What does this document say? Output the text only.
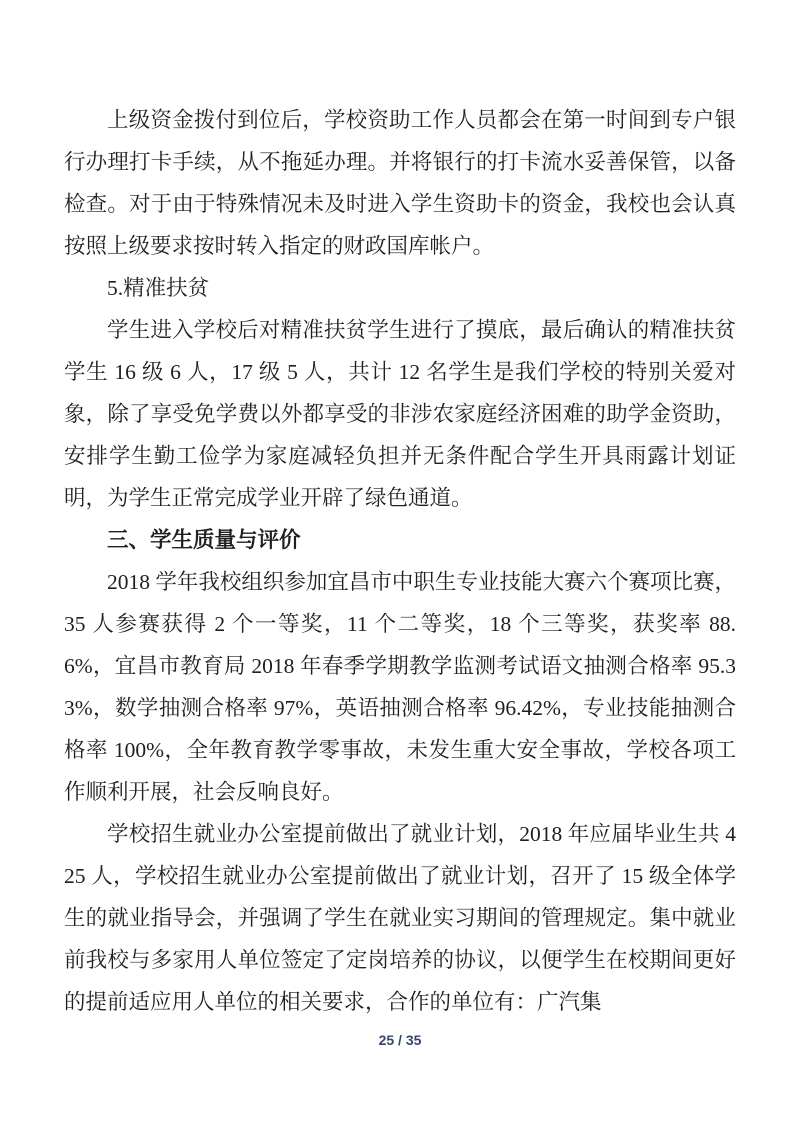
上级资金拨付到位后，学校资助工作人员都会在第一时间到专户银行办理打卡手续，从不拖延办理。并将银行的打卡流水妥善保管，以备检查。对于由于特殊情况未及时进入学生资助卡的资金，我校也会认真按照上级要求按时转入指定的财政国库帐户。

5.精准扶贫

学生进入学校后对精准扶贫学生进行了摸底，最后确认的精准扶贫学生 16 级 6 人，17 级 5 人，共计 12 名学生是我们学校的特别关爱对象，除了享受免学费以外都享受的非涉农家庭经济困难的助学金资助，安排学生勤工俭学为家庭减轻负担并无条件配合学生开具雨露计划证明，为学生正常完成学业开辟了绿色通道。

三、学生质量与评价

2018 学年我校组织参加宜昌市中职生专业技能大赛六个赛项比赛，35 人参赛获得 2 个一等奖，11 个二等奖，18 个三等奖，获奖率 88.6%，宜昌市教育局 2018 年春季学期教学监测考试语文抽测合格率 95.33%，数学抽测合格率 97%，英语抽测合格率 96.42%，专业技能抽测合格率 100%，全年教育教学零事故，未发生重大安全事故，学校各项工作顺利开展，社会反响良好。

学校招生就业办公室提前做出了就业计划，2018 年应届毕业生共 425 人，学校招生就业办公室提前做出了就业计划，召开了 15 级全体学生的就业指导会，并强调了学生在就业实习期间的管理规定。集中就业前我校与多家用人单位签定了定岗培养的协议，以便学生在校期间更好的提前适应用人单位的相关要求，合作的单位有：广汽集

25 / 35
